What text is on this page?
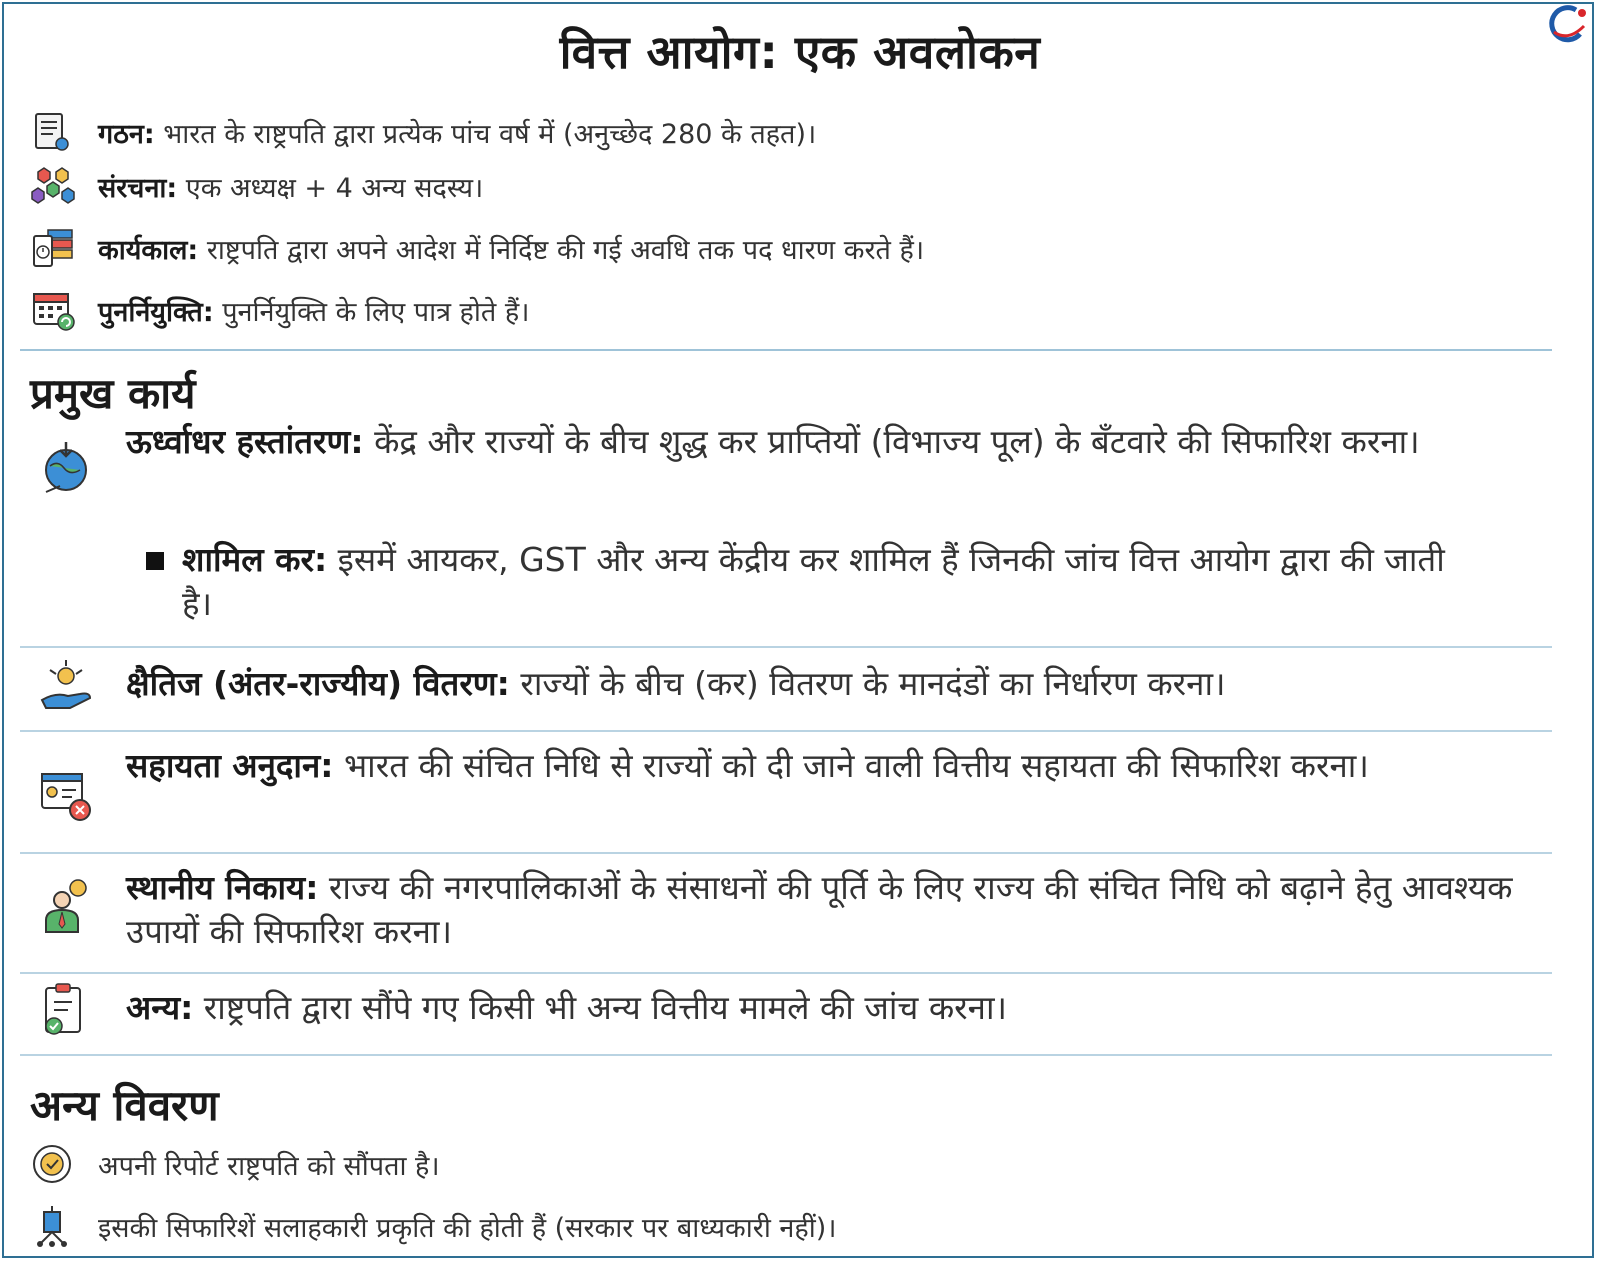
वित्त आयोग: एक अवलोकन
गठन: भारत के राष्ट्रपति द्वारा प्रत्येक पांच वर्ष में (अनुच्छेद 280 के तहत)।
संरचना: एक अध्यक्ष + 4 अन्य सदस्य।
कार्यकाल: राष्ट्रपति द्वारा अपने आदेश में निर्दिष्ट की गई अवधि तक पद धारण करते हैं।
पुनर्नियुक्ति: पुनर्नियुक्ति के लिए पात्र होते हैं।
प्रमुख कार्य
ऊर्ध्वाधर हस्तांतरण: केंद्र और राज्यों के बीच शुद्ध कर प्राप्तियों (विभाज्य पूल) के बँटवारे की सिफारिश करना।
शामिल कर: इसमें आयकर, GST और अन्य केंद्रीय कर शामिल हैं जिनकी जांच वित्त आयोग द्वारा की जाती है।
क्षैतिज (अंतर-राज्यीय) वितरण: राज्यों के बीच (कर) वितरण के मानदंडों का निर्धारण करना।
सहायता अनुदान: भारत की संचित निधि से राज्यों को दी जाने वाली वित्तीय सहायता की सिफारिश करना।
स्थानीय निकाय: राज्य की नगरपालिकाओं के संसाधनों की पूर्ति के लिए राज्य की संचित निधि को बढ़ाने हेतु आवश्यक उपायों की सिफारिश करना।
अन्य: राष्ट्रपति द्वारा सौंपे गए किसी भी अन्य वित्तीय मामले की जांच करना।
अन्य विवरण
अपनी रिपोर्ट राष्ट्रपति को सौंपता है।
इसकी सिफारिशें सलाहकारी प्रकृति की होती हैं (सरकार पर बाध्यकारी नहीं)।
